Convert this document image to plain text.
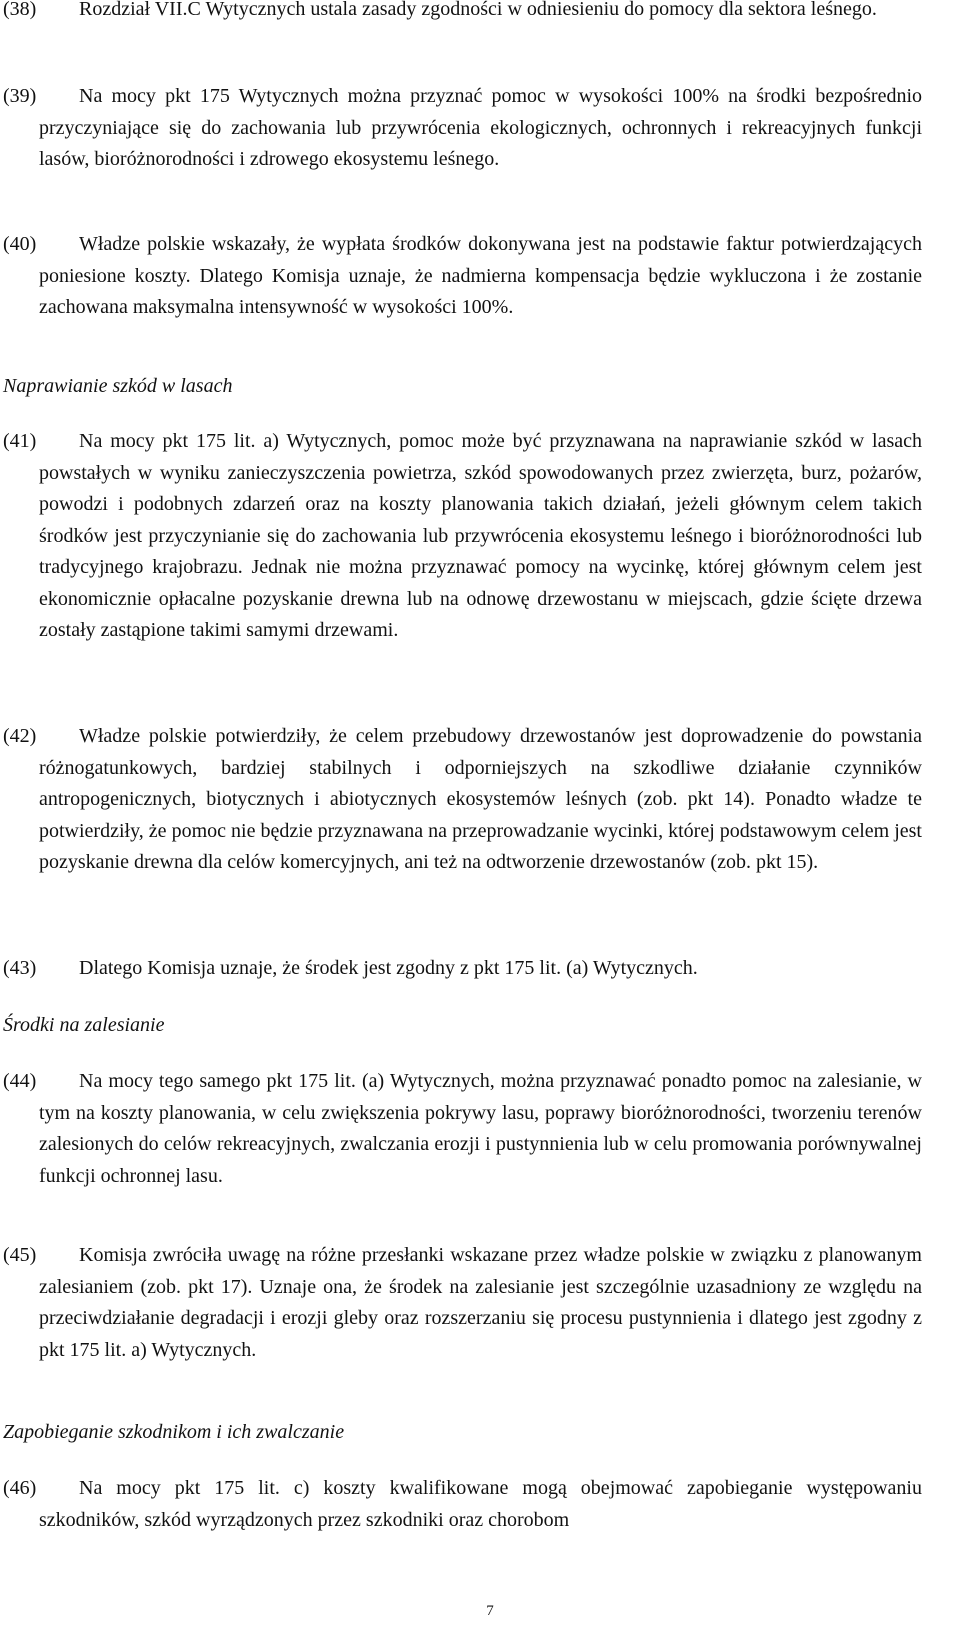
(38)	Rozdział VII.C Wytycznych ustala zasady zgodności w odniesieniu do pomocy dla sektora leśnego.

(39)	Na mocy pkt 175 Wytycznych można przyznać pomoc w wysokości 100% na środki bezpośrednio przyczyniające się do zachowania lub przywrócenia ekologicznych, ochronnych i rekreacyjnych funkcji lasów, bioróżnorodności i zdrowego ekosystemu leśnego.

(40)	Władze polskie wskazały, że wypłata środków dokonywana jest na podstawie faktur potwierdzających poniesione koszty. Dlatego Komisja uznaje, że nadmierna kompensacja będzie wykluczona i że zostanie zachowana maksymalna intensywność w wysokości 100%.

Naprawianie szkód w lasach

(41)	Na mocy pkt 175 lit. a) Wytycznych, pomoc może być przyznawana na naprawianie szkód w lasach powstałych w wyniku zanieczyszczenia powietrza, szkód spowodowanych przez zwierzęta, burz, pożarów, powodzi i podobnych zdarzeń oraz na koszty planowania takich działań, jeżeli głównym celem takich środków jest przyczynianie się do zachowania lub przywrócenia ekosystemu leśnego i bioróżnorodności lub tradycyjnego krajobrazu. Jednak nie można przyznawać pomocy na wycinkę, której głównym celem jest ekonomicznie opłacalne pozyskanie drewna lub na odnowę drzewostanu w miejscach, gdzie ścięte drzewa zostały zastąpione takimi samymi drzewami.

(42)	Władze polskie potwierdziły, że celem przebudowy drzewostanów jest doprowadzenie do powstania różnogatunkowych, bardziej stabilnych i odporniejszych na szkodliwe działanie czynników antropogenicznych, biotycznych i abiotycznych ekosystemów leśnych (zob. pkt 14). Ponadto władze te potwierdziły, że pomoc nie będzie przyznawana na przeprowadzanie wycinki, której podstawowym celem jest pozyskanie drewna dla celów komercyjnych, ani też na odtworzenie drzewostanów (zob. pkt 15).

(43)	Dlatego Komisja uznaje, że środek jest zgodny z pkt 175 lit. (a) Wytycznych.

Środki na zalesianie

(44)	Na mocy tego samego pkt 175 lit. (a) Wytycznych, można przyznawać ponadto pomoc na zalesianie, w tym na koszty planowania, w celu zwiększenia pokrywy lasu, poprawy bioróżnorodności, tworzeniu terenów zalesionych do celów rekreacyjnych, zwalczania erozji i pustynnienia lub w celu promowania porównywalnej funkcji ochronnej lasu.

(45)	Komisja zwróciła uwagę na różne przesłanki wskazane przez władze polskie w związku z planowanym zalesianiem (zob. pkt 17). Uznaje ona, że środek na zalesianie jest szczególnie uzasadniony ze względu na przeciwdziałanie degradacji i erozji gleby oraz rozszerzaniu się procesu pustynnienia i dlatego jest zgodny z pkt 175 lit. a) Wytycznych.

Zapobieganie szkodnikom i ich zwalczanie

(46)	Na mocy pkt 175 lit. c) koszty kwalifikowane mogą obejmować zapobieganie występowaniu szkodników, szkód wyrządzonych przez szkodniki oraz chorobom

7
